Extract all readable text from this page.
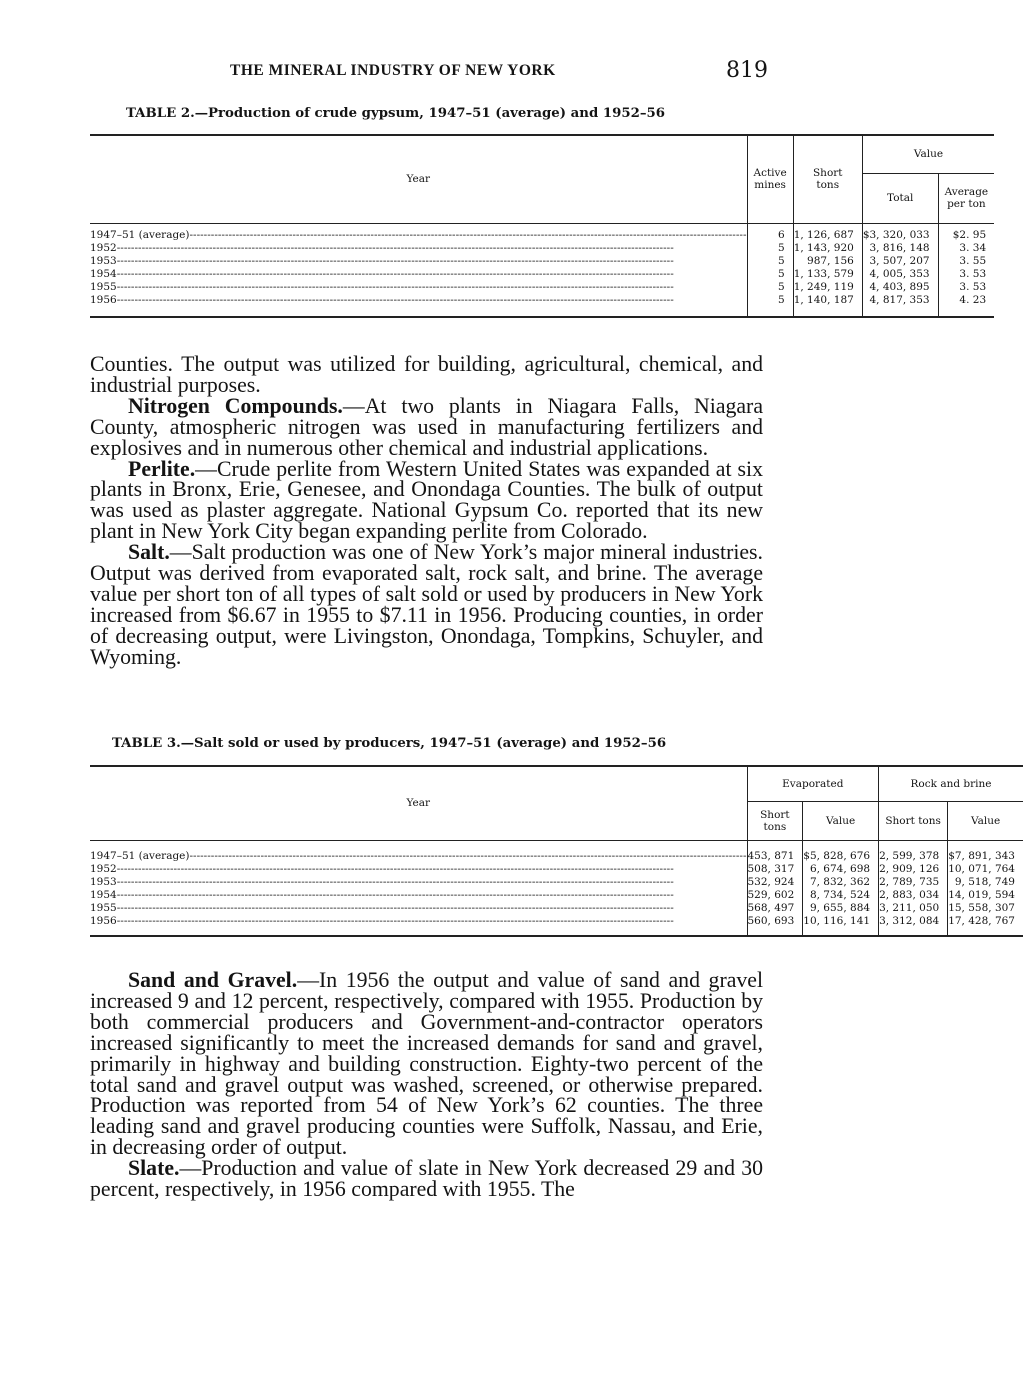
THE MINERAL INDUSTRY OF NEW YORK	819
TABLE 2.—Production of crude gypsum, 1947–51 (average) and 1952–56
Year	Active mines	Short tons	Value	
			Total	Average per ton

1947–51 (average) -----	6	1, 126, 687	$3, 320, 033	$2. 95

1952 -----	5	1, 143, 920	3, 816, 148	3. 34

1953 -----	5	987, 156	3, 507, 207	3. 55

1954 -----	5	1, 133, 579	4, 005, 353	3. 53

1955 -----	5	1, 249, 119	4, 403, 895	3. 53

1956 -----	5	1, 140, 187	4, 817, 353	4. 23

Counties. The output was utilized for building, agricultural, chemical, and industrial purposes.

Nitrogen Compounds.—At two plants in Niagara Falls, Niagara County, atmospheric nitrogen was used in manufacturing fertilizers and explosives and in numerous other chemical and industrial applications.

Perlite.—Crude perlite from Western United States was expanded at six plants in Bronx, Erie, Genesee, and Onondaga Counties. The bulk of output was used as plaster aggregate. National Gypsum Co. reported that its new plant in New York City began expanding perlite from Colorado.

Salt.—Salt production was one of New York’s major mineral industries. Output was derived from evaporated salt, rock salt, and brine. The average value per short ton of all types of salt sold or used by producers in New York increased from $6.67 in 1955 to $7.11 in 1956. Producing counties, in order of decreasing output, were Livingston, Onondaga, Tompkins, Schuyler, and Wyoming.

TABLE 3.—Salt sold or used by producers, 1947–51 (average) and 1952–56
Year	Evaporated		Rock and brine	
	Short tons	Value	Short tons	Value

1947–51 (average) -----	453, 871	$5, 828, 676	2, 599, 378	$7, 891, 343

1952 -----	508, 317	6, 674, 698	2, 909, 126	10, 071, 764

1953 -----	532, 924	7, 832, 362	2, 789, 735	9, 518, 749

1954 -----	529, 602	8, 734, 524	2, 883, 034	14, 019, 594

1955 -----	568, 497	9, 655, 884	3, 211, 050	15, 558, 307

1956 -----	560, 693	10, 116, 141	3, 312, 084	17, 428, 767

Sand and Gravel.—In 1956 the output and value of sand and gravel increased 9 and 12 percent, respectively, compared with 1955. Production by both commercial producers and Government-and-contractor operators increased significantly to meet the increased demands for sand and gravel, primarily in highway and building construction. Eighty-two percent of the total sand and gravel output was washed, screened, or otherwise prepared. Production was reported from 54 of New York’s 62 counties. The three leading sand and gravel producing counties were Suffolk, Nassau, and Erie, in decreasing order of output.

Slate.—Production and value of slate in New York decreased 29 and 30 percent, respectively, in 1956 compared with 1955. The
